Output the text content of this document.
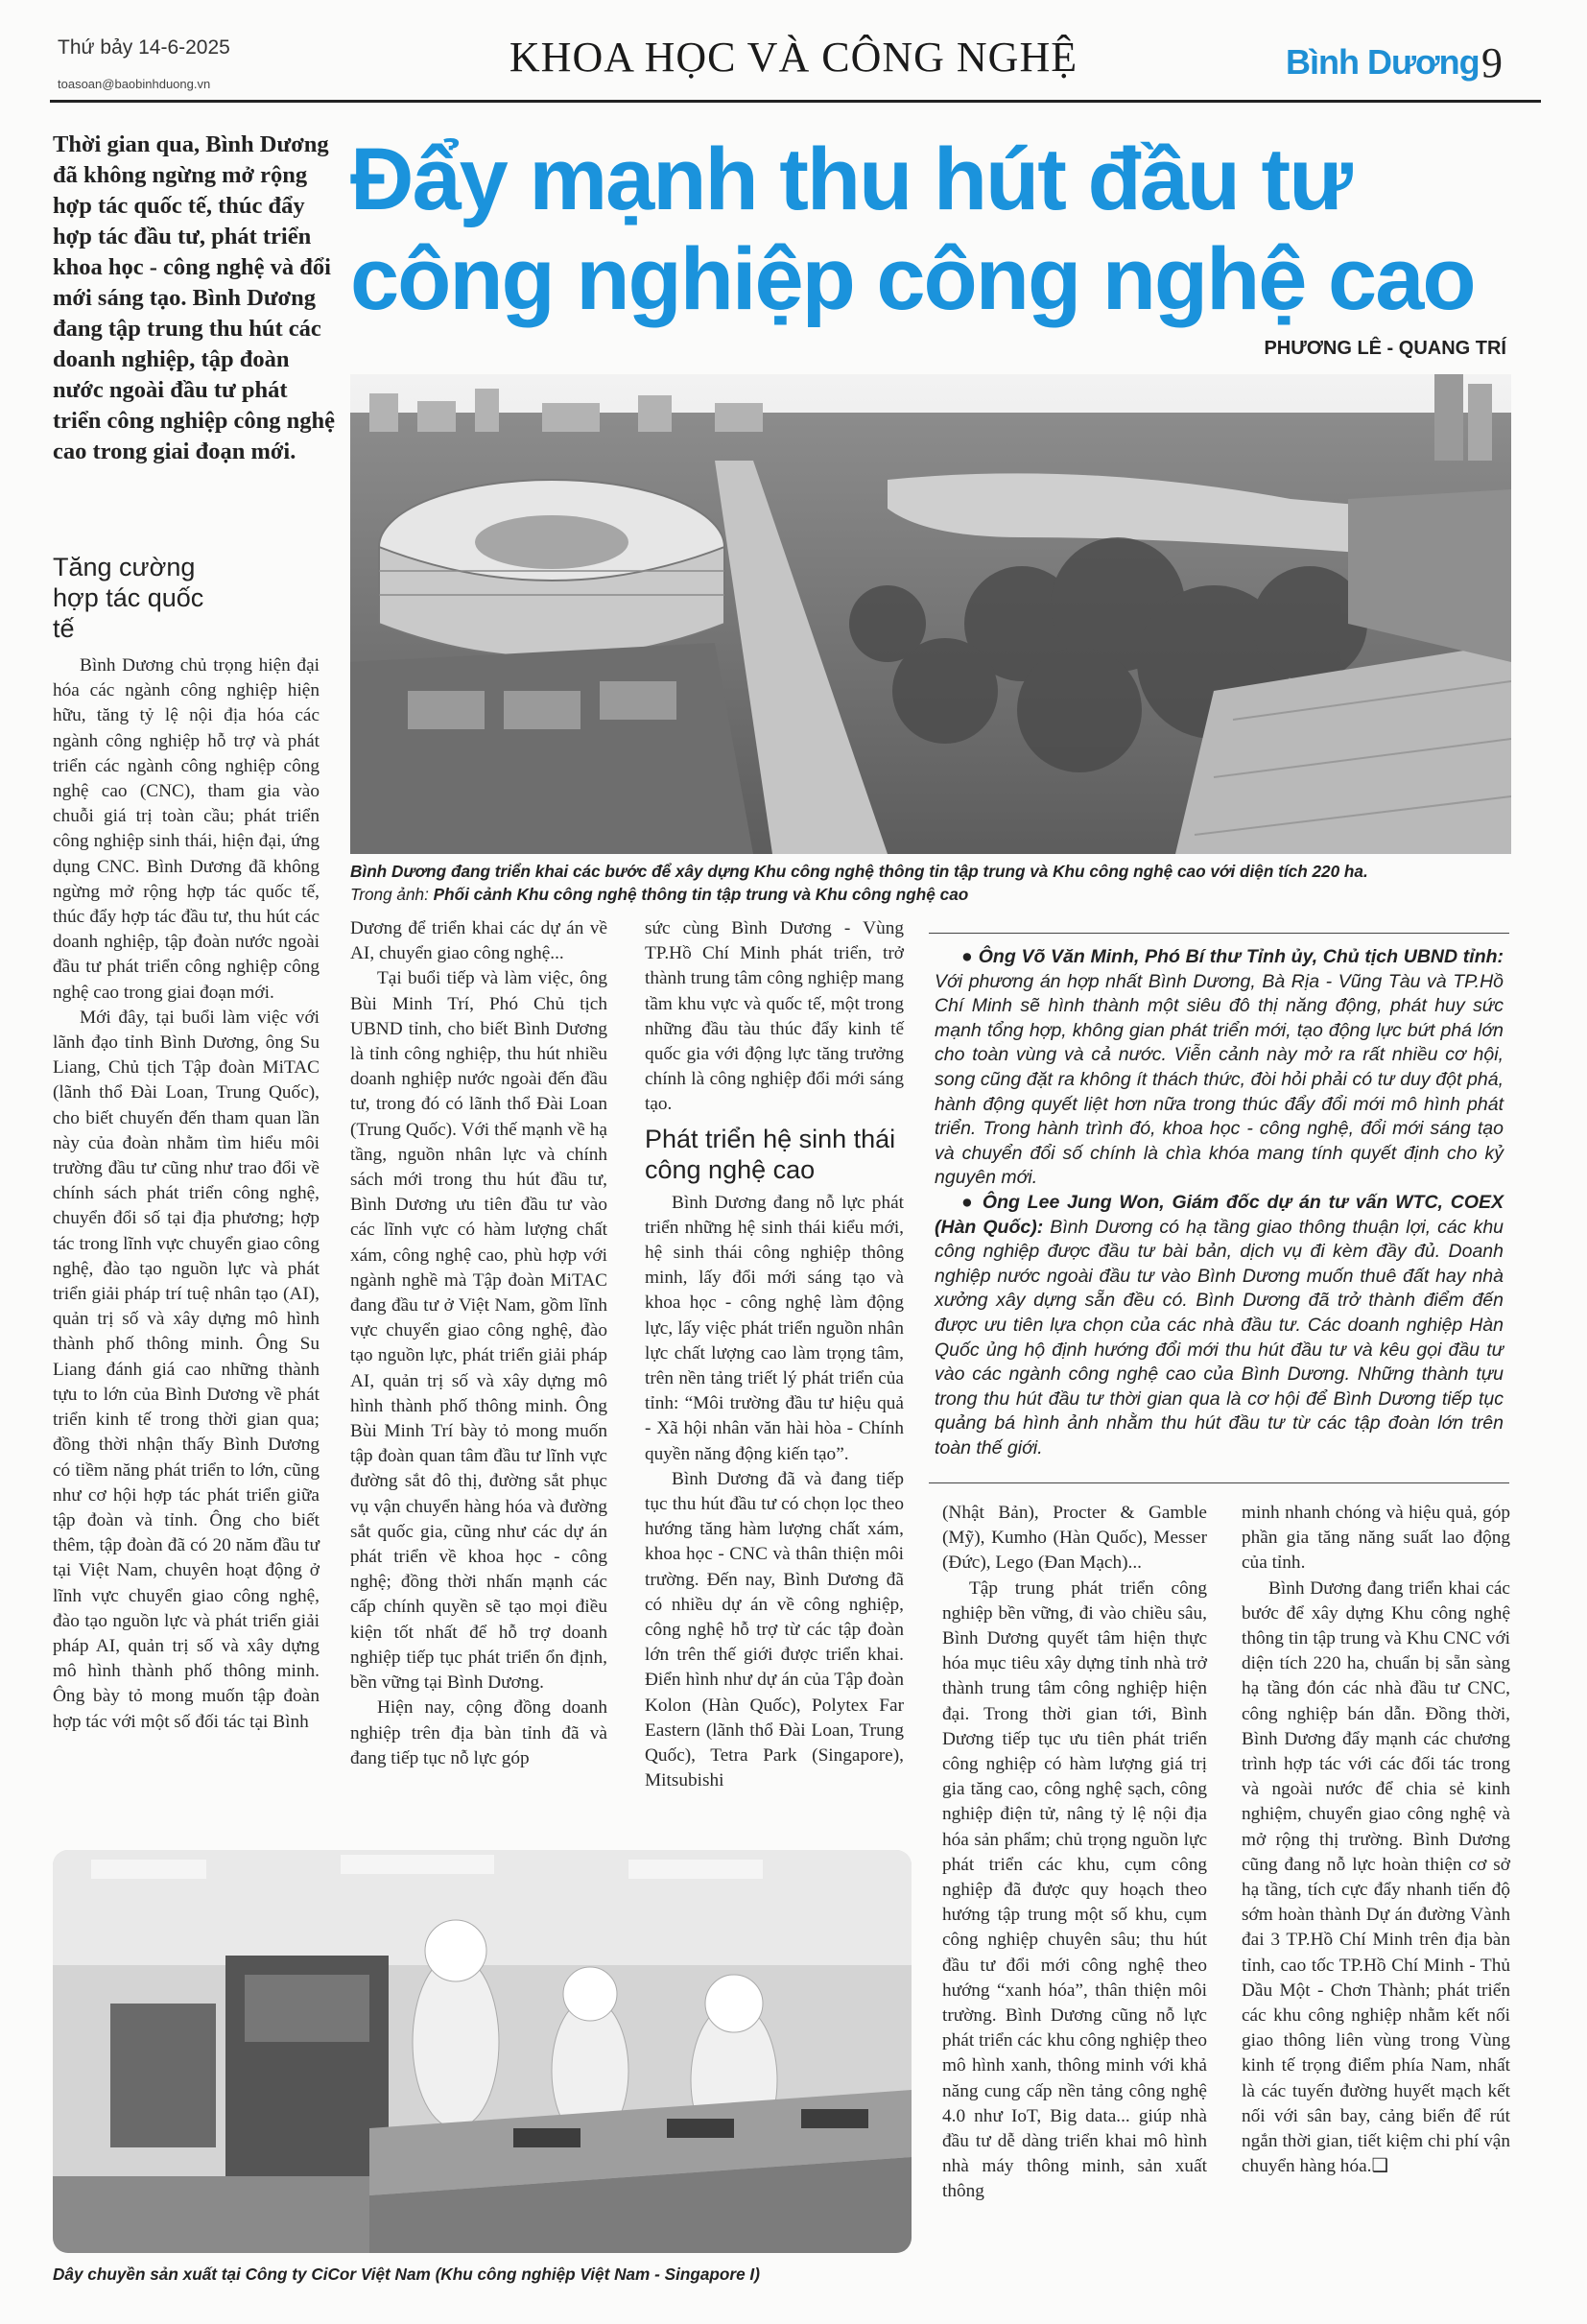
Thứ bảy 14-6-2025
toasoan@baobinhduong.vn
KHOA HỌC VÀ CÔNG NGHỆ	Bình Dương 9
Thời gian qua, Bình Dương đã không ngừng mở rộng hợp tác quốc tế, thúc đẩy hợp tác đầu tư, phát triển khoa học - công nghệ và đổi mới sáng tạo. Bình Dương đang tập trung thu hút các doanh nghiệp, tập đoàn nước ngoài đầu tư phát triển công nghiệp công nghệ cao trong giai đoạn mới.
Đẩy mạnh thu hút đầu tư
công nghiệp công nghệ cao
PHƯƠNG LÊ - QUANG TRÍ
Bình Dương đang triển khai các bước để xây dựng Khu công nghệ thông tin tập trung và Khu công nghệ cao với diện tích 220 ha.
Trong ảnh: Phối cảnh Khu công nghệ thông tin tập trung và Khu công nghệ cao
Tăng cường hợp tác quốc tế

Bình Dương chủ trọng hiện đại hóa các ngành công nghiệp hiện hữu, tăng tỷ lệ nội địa hóa các ngành công nghiệp hỗ trợ và phát triển các ngành công nghiệp công nghệ cao (CNC), tham gia vào chuỗi giá trị toàn cầu; phát triển công nghiệp sinh thái, hiện đại, ứng dụng CNC. Bình Dương đã không ngừng mở rộng hợp tác quốc tế, thúc đẩy hợp tác đầu tư, thu hút các doanh nghiệp, tập đoàn nước ngoài đầu tư phát triển công nghiệp công nghệ cao trong giai đoạn mới.

Mới đây, tại buổi làm việc với lãnh đạo tỉnh Bình Dương, ông Su Liang, Chủ tịch Tập đoàn MiTAC (lãnh thổ Đài Loan, Trung Quốc), cho biết chuyến đến tham quan lần này của đoàn nhằm tìm hiểu môi trường đầu tư cũng như trao đổi về chính sách phát triển công nghệ, chuyển đổi số tại địa phương; hợp tác trong lĩnh vực chuyển giao công nghệ, đào tạo nguồn lực và phát triển giải pháp trí tuệ nhân tạo (AI), quản trị số và xây dựng mô hình thành phố thông minh. Ông Su Liang đánh giá cao những thành tựu to lớn của Bình Dương về phát triển kinh tế trong thời gian qua; đồng thời nhận thấy Bình Dương có tiềm năng phát triển to lớn, cũng như cơ hội hợp tác phát triển giữa tập đoàn và tỉnh. Ông cho biết thêm, tập đoàn đã có 20 năm đầu tư tại Việt Nam, chuyên hoạt động ở lĩnh vực chuyển giao công nghệ, đào tạo nguồn lực và phát triển giải pháp AI, quản trị số và xây dựng mô hình thành phố thông minh. Ông bày tỏ mong muốn tập đoàn hợp tác với một số đối tác tại Bình

Dương để triển khai các dự án về AI, chuyển giao công nghệ...

Tại buổi tiếp và làm việc, ông Bùi Minh Trí, Phó Chủ tịch UBND tỉnh, cho biết Bình Dương là tỉnh công nghiệp, thu hút nhiều doanh nghiệp nước ngoài đến đầu tư, trong đó có lãnh thổ Đài Loan (Trung Quốc). Với thế mạnh về hạ tầng, nguồn nhân lực và chính sách mới trong thu hút đầu tư, Bình Dương ưu tiên đầu tư vào các lĩnh vực có hàm lượng chất xám, công nghệ cao, phù hợp với ngành nghề mà Tập đoàn MiTAC đang đầu tư ở Việt Nam, gồm lĩnh vực chuyển giao công nghệ, đào tạo nguồn lực, phát triển giải pháp AI, quản trị số và xây dựng mô hình thành phố thông minh. Ông Bùi Minh Trí bày tỏ mong muốn tập đoàn quan tâm đầu tư lĩnh vực đường sắt đô thị, đường sắt phục vụ vận chuyển hàng hóa và đường sắt quốc gia, cũng như các dự án phát triển về khoa học - công nghệ; đồng thời nhấn mạnh các cấp chính quyền sẽ tạo mọi điều kiện tốt nhất để hỗ trợ doanh nghiệp tiếp tục phát triển ổn định, bền vững tại Bình Dương.

Hiện nay, cộng đồng doanh nghiệp trên địa bàn tỉnh đã và đang tiếp tục nỗ lực góp

sức cùng Bình Dương - Vùng TP.Hồ Chí Minh phát triển, trở thành trung tâm công nghiệp mang tầm khu vực và quốc tế, một trong những đầu tàu thúc đẩy kinh tế quốc gia với động lực tăng trưởng chính là công nghiệp đổi mới sáng tạo.

Phát triển hệ sinh thái công nghệ cao

Bình Dương đang nỗ lực phát triển những hệ sinh thái kiểu mới, hệ sinh thái công nghiệp thông minh, lấy đổi mới sáng tạo và khoa học - công nghệ làm động lực, lấy việc phát triển nguồn nhân lực chất lượng cao làm trọng tâm, trên nền tảng triết lý phát triển của tỉnh: “Môi trường đầu tư hiệu quả - Xã hội nhân văn hài hòa - Chính quyền năng động kiến tạo”.

Bình Dương đã và đang tiếp tục thu hút đầu tư có chọn lọc theo hướng tăng hàm lượng chất xám, khoa học - CNC và thân thiện môi trường. Đến nay, Bình Dương đã có nhiều dự án về công nghiệp, công nghệ hỗ trợ từ các tập đoàn lớn trên thế giới được triển khai. Điển hình như dự án của Tập đoàn Kolon (Hàn Quốc), Polytex Far Eastern (lãnh thổ Đài Loan, Trung Quốc), Tetra Park (Singapore), Mitsubishi

● Ông Võ Văn Minh, Phó Bí thư Tỉnh ủy, Chủ tịch UBND tỉnh: Với phương án hợp nhất Bình Dương, Bà Rịa - Vũng Tàu và TP.Hồ Chí Minh sẽ hình thành một siêu đô thị năng động, phát huy sức mạnh tổng hợp, không gian phát triển mới, tạo động lực bứt phá lớn cho toàn vùng và cả nước. Viễn cảnh này mở ra rất nhiều cơ hội, song cũng đặt ra không ít thách thức, đòi hỏi phải có tư duy đột phá, hành động quyết liệt hơn nữa trong thúc đẩy đổi mới mô hình phát triển. Trong hành trình đó, khoa học - công nghệ, đổi mới sáng tạo và chuyển đổi số chính là chìa khóa mang tính quyết định cho kỷ nguyên mới.

● Ông Lee Jung Won, Giám đốc dự án tư vấn WTC, COEX (Hàn Quốc): Bình Dương có hạ tầng giao thông thuận lợi, các khu công nghiệp được đầu tư bài bản, dịch vụ đi kèm đầy đủ. Doanh nghiệp nước ngoài đầu tư vào Bình Dương muốn thuê đất hay nhà xưởng xây dựng sẵn đều có. Bình Dương đã trở thành điểm đến được ưu tiên lựa chọn của các nhà đầu tư. Các doanh nghiệp Hàn Quốc ủng hộ định hướng đổi mới thu hút đầu tư và kêu gọi đầu tư vào các ngành công nghệ cao của Bình Dương. Những thành tựu trong thu hút đầu tư thời gian qua là cơ hội để Bình Dương tiếp tục quảng bá hình ảnh nhằm thu hút đầu tư từ các tập đoàn lớn trên toàn thế giới.

(Nhật Bản), Procter & Gamble (Mỹ), Kumho (Hàn Quốc), Messer (Đức), Lego (Đan Mạch)...

Tập trung phát triển công nghiệp bền vững, đi vào chiều sâu, Bình Dương quyết tâm hiện thực hóa mục tiêu xây dựng tỉnh nhà trở thành trung tâm công nghiệp hiện đại. Trong thời gian tới, Bình Dương tiếp tục ưu tiên phát triển công nghiệp có hàm lượng giá trị gia tăng cao, công nghệ sạch, công nghiệp điện tử, nâng tỷ lệ nội địa hóa sản phẩm; chủ trọng nguồn lực phát triển các khu, cụm công nghiệp đã được quy hoạch theo hướng tập trung một số khu, cụm công nghiệp chuyên sâu; thu hút đầu tư đổi mới công nghệ theo hướng “xanh hóa”, thân thiện môi trường. Bình Dương cũng nỗ lực phát triển các khu công nghiệp theo mô hình xanh, thông minh với khả năng cung cấp nền tảng công nghệ 4.0 như IoT, Big data... giúp nhà đầu tư dễ dàng triển khai mô hình nhà máy thông minh, sản xuất thông

minh nhanh chóng và hiệu quả, góp phần gia tăng năng suất lao động của tỉnh.

Bình Dương đang triển khai các bước để xây dựng Khu công nghệ thông tin tập trung và Khu CNC với diện tích 220 ha, chuẩn bị sẵn sàng hạ tầng đón các nhà đầu tư CNC, công nghiệp bán dẫn. Đồng thời, Bình Dương đẩy mạnh các chương trình hợp tác với các đối tác trong và ngoài nước để chia sẻ kinh nghiệm, chuyển giao công nghệ và mở rộng thị trường. Bình Dương cũng đang nỗ lực hoàn thiện cơ sở hạ tầng, tích cực đẩy nhanh tiến độ sớm hoàn thành Dự án đường Vành đai 3 TP.Hồ Chí Minh trên địa bàn tỉnh, cao tốc TP.Hồ Chí Minh - Thủ Dầu Một - Chơn Thành; phát triển các khu công nghiệp nhằm kết nối giao thông liên vùng trong Vùng kinh tế trọng điểm phía Nam, nhất là các tuyến đường huyết mạch kết nối với sân bay, cảng biển để rút ngắn thời gian, tiết kiệm chi phí vận chuyển hàng hóa.❑

Dây chuyền sản xuất tại Công ty CiCor Việt Nam (Khu công nghiệp Việt Nam - Singapore I)
